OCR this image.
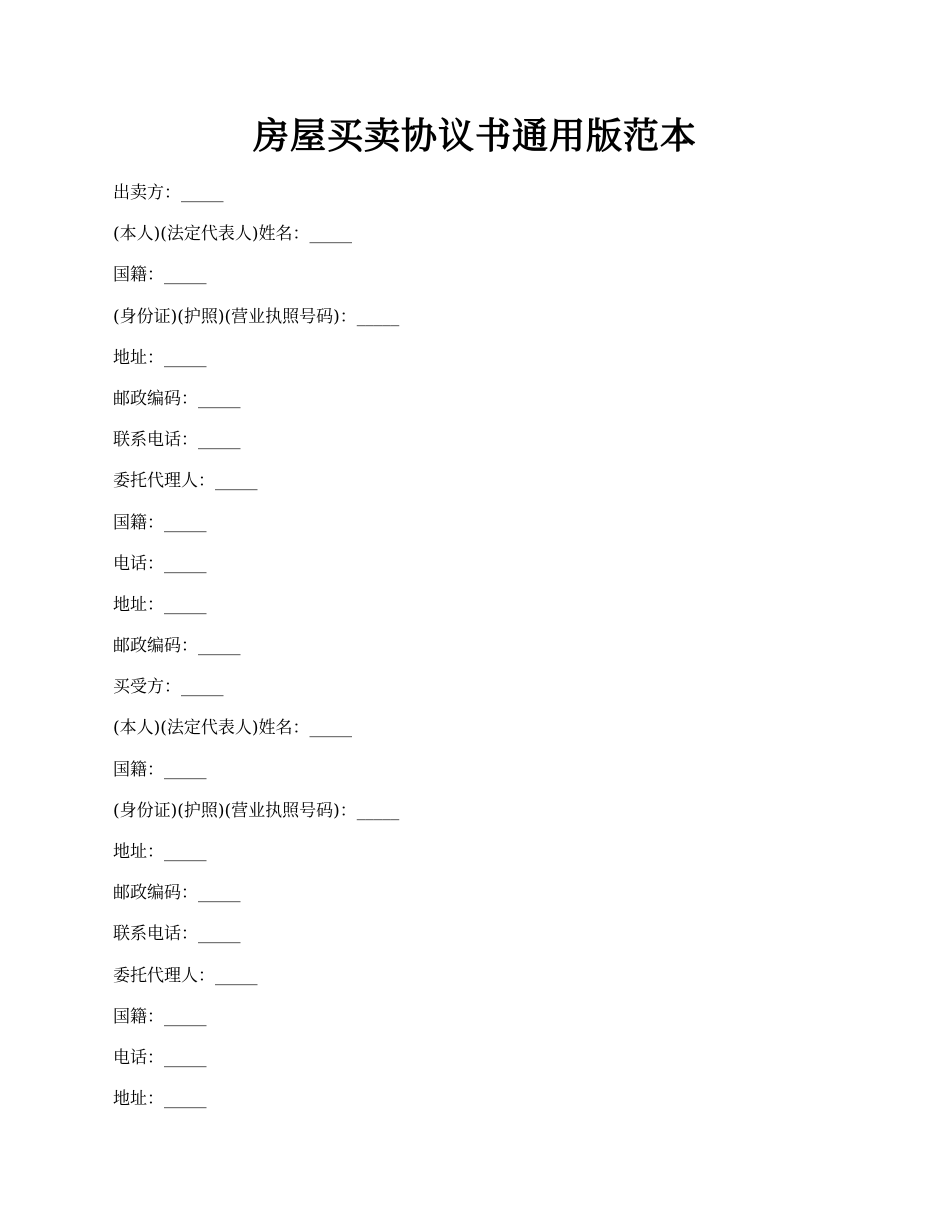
房屋买卖协议书通用版范本
出卖方：_____
(本人)(法定代表人)姓名：_____
国籍：_____
(身份证)(护照)(营业执照号码)：_____
地址：_____
邮政编码：_____
联系电话：_____
委托代理人：_____
国籍：_____
电话：_____
地址：_____
邮政编码：_____
买受方：_____
(本人)(法定代表人)姓名：_____
国籍：_____
(身份证)(护照)(营业执照号码)：_____
地址：_____
邮政编码：_____
联系电话：_____
委托代理人：_____
国籍：_____
电话：_____
地址：_____
